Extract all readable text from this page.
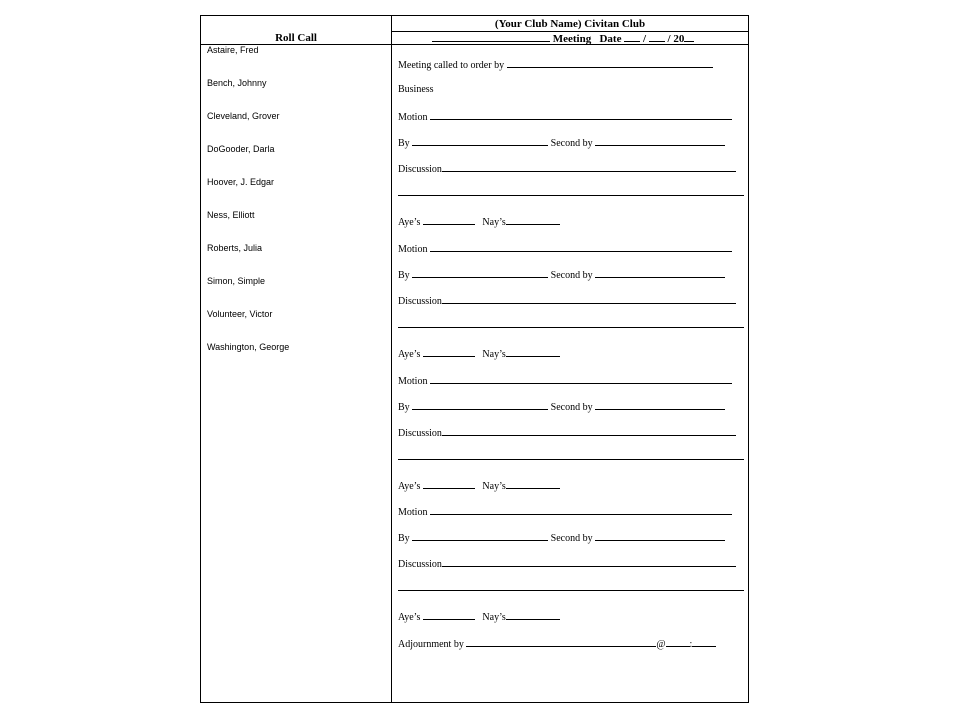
(Your Club Name) Civitan Club
Roll Call	Meeting Date / / 20
Astaire, Fred
Bench, Johnny
Cleveland, Grover
DoGooder, Darla
Hoover, J. Edgar
Ness, Elliott
Roberts, Julia
Simon, Simple
Volunteer, Victor
Washington, George
Meeting called to order by
Business
Motion
By	Second by
Discussion
Aye’s	Nay’s
Motion
By	Second by
Discussion
Aye’s	Nay’s
Motion
By	Second by
Discussion
Aye’s	Nay’s
Motion
By	Second by
Discussion
Aye’s	Nay’s
Adjournment by	@ :
